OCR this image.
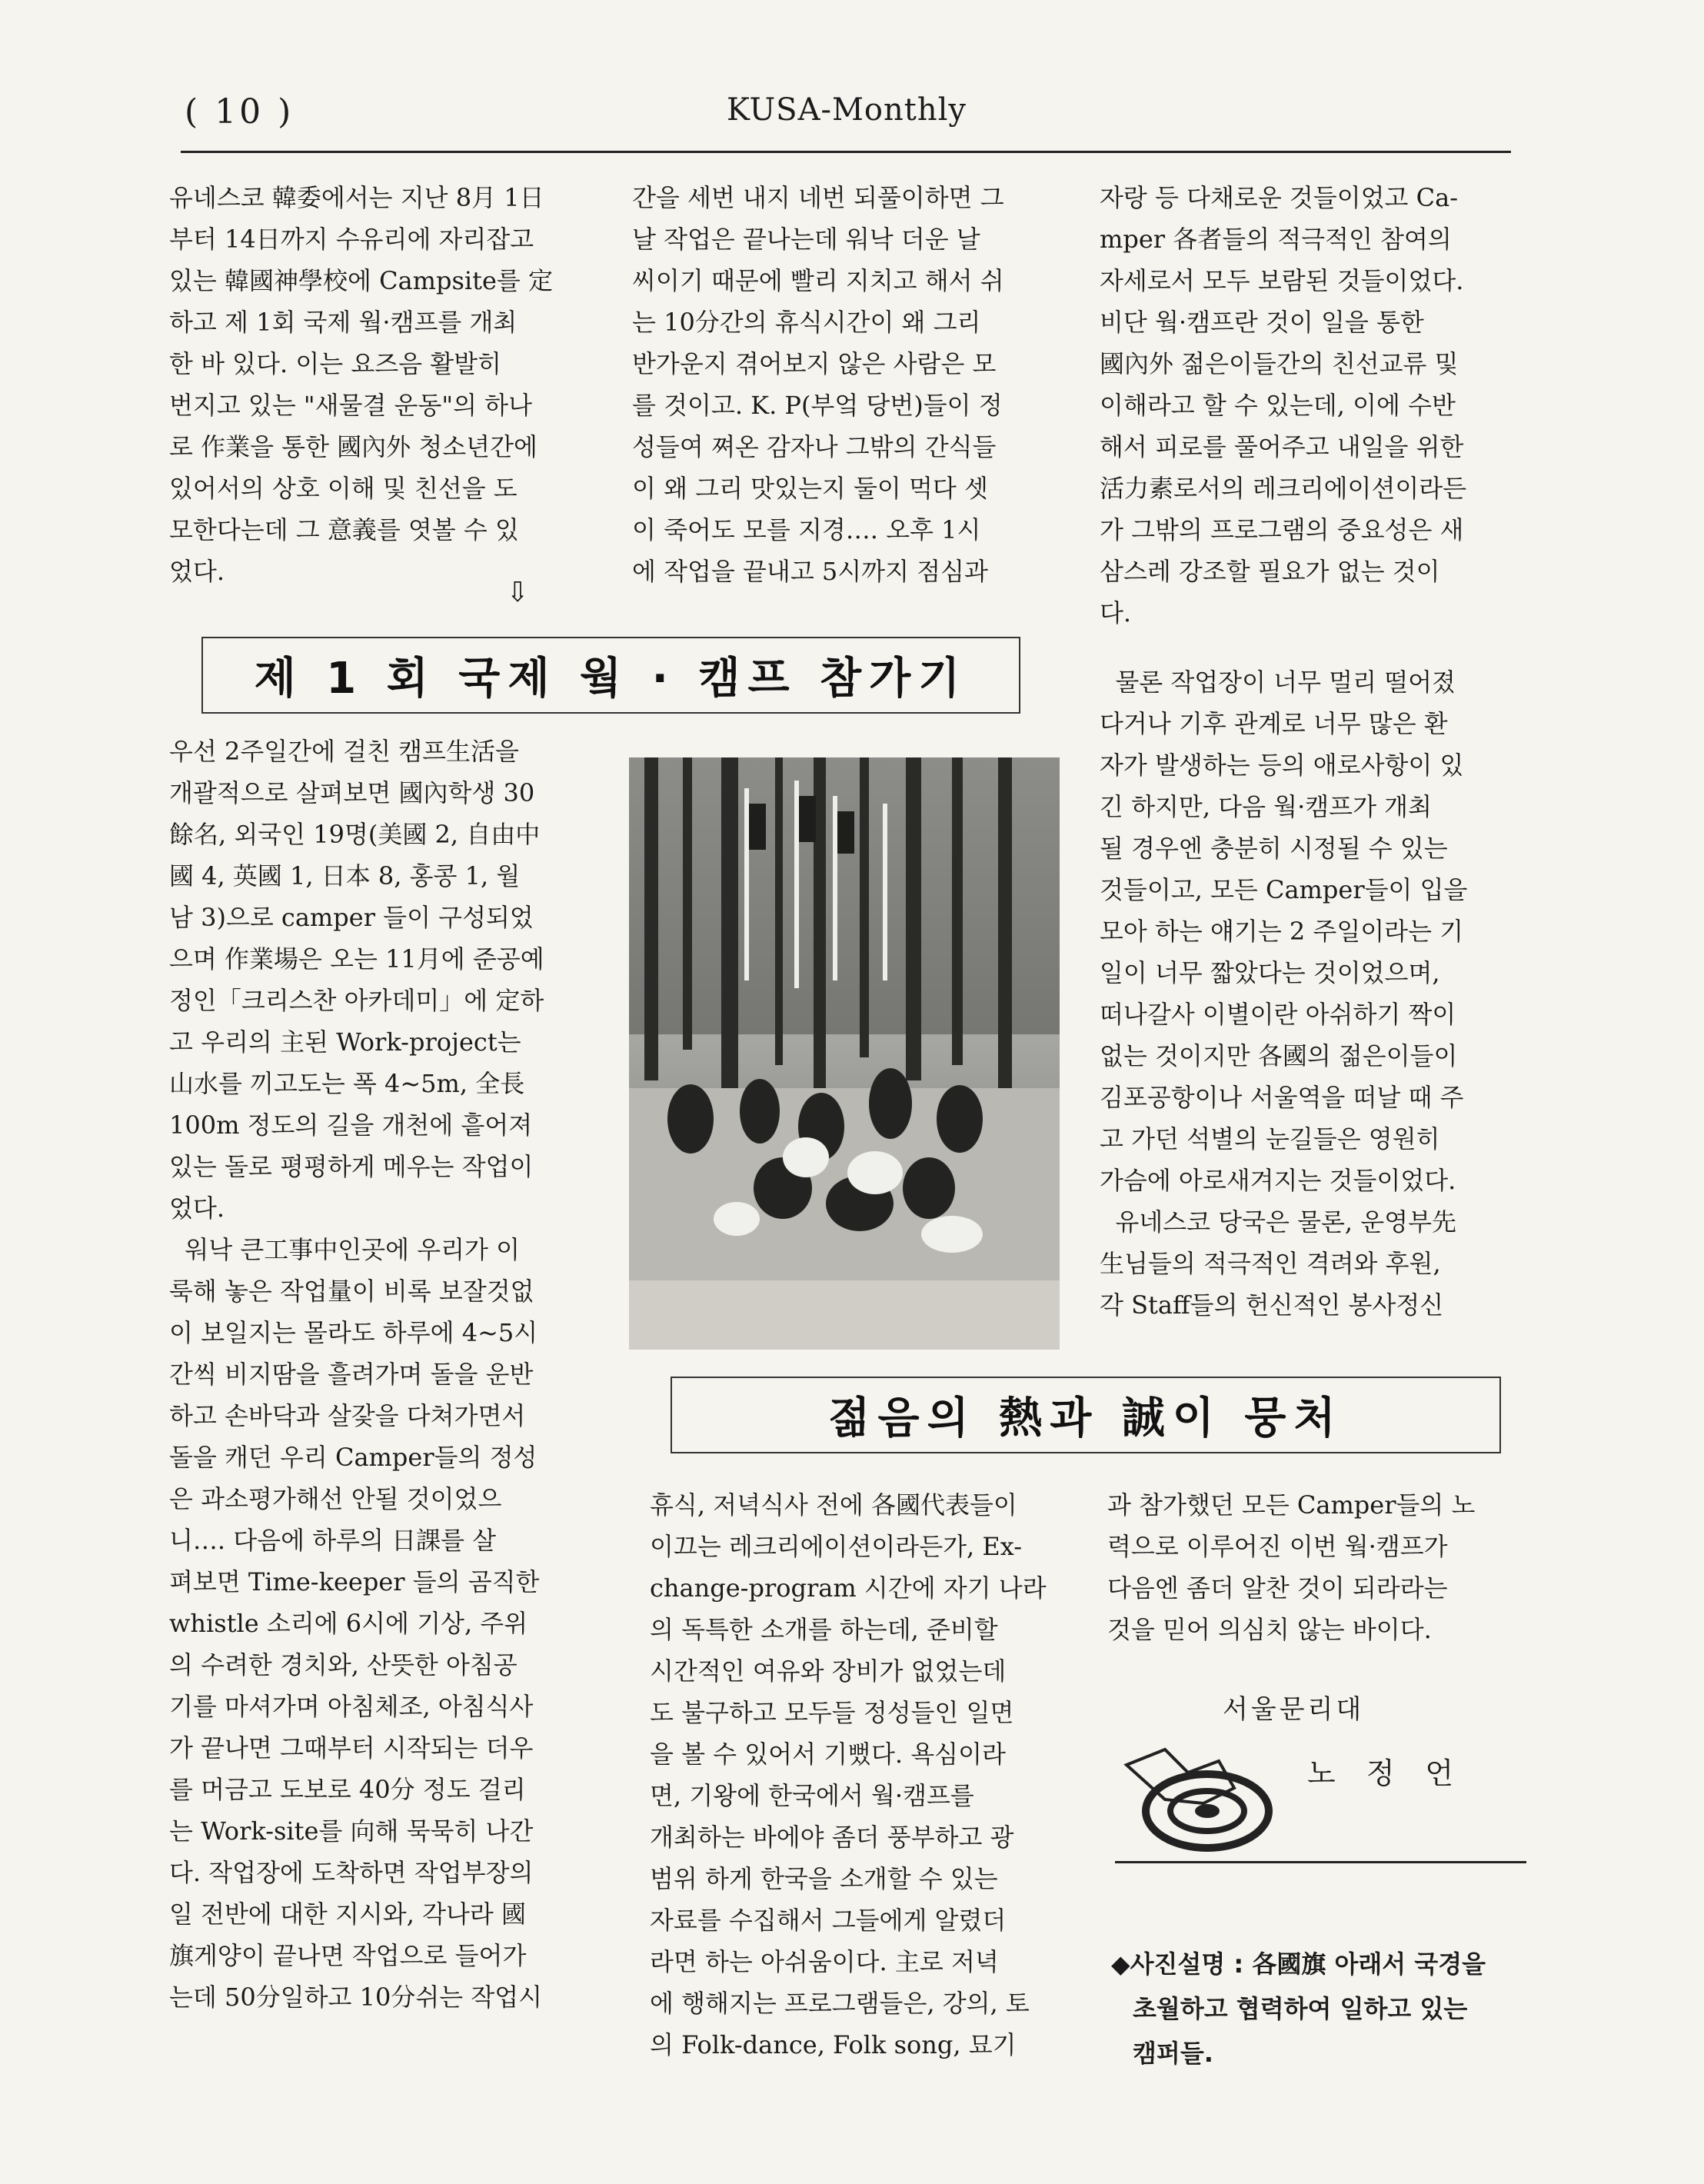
( 10 )	KUSA-Monthly
유네스코 韓委에서는 지난 8月 1日
부터 14日까지 수유리에 자리잡고
있는 韓國神學校에 Campsite를 定
하고 제 1회 국제 웤·캠프를 개최
한 바 있다. 이는 요즈음 활발히
번지고 있는 "새물결 운동"의 하나
로 作業을 통한 國內外 청소년간에
있어서의 상호 이해 및 친선을 도
모한다는데 그 意義를 엿볼 수 있
었다.
⇩
간을 세번 내지 네번 되풀이하면 그
날 작업은 끝나는데 워낙 더운 날
씨이기 때문에 빨리 지치고 해서 쉬
는 10分간의 휴식시간이 왜 그리
반가운지 겪어보지 않은 사람은 모
를 것이고. K. P(부엌 당번)들이 정
성들여 쪄온 감자나 그밖의 간식들
이 왜 그리 맛있는지 둘이 먹다 셋
이 죽어도 모를 지경…. 오후 1시
에 작업을 끝내고 5시까지 점심과
자랑 등 다채로운 것들이었고 Ca-
mper 各者들의 적극적인 참여의
자세로서 모두 보람된 것들이었다.
비단 웤·캠프란 것이 일을 통한
國內外 젊은이들간의 친선교류 및
이해라고 할 수 있는데, 이에 수반
해서 피로를 풀어주고 내일을 위한
活力素로서의 레크리에이션이라든
가 그밖의 프로그램의 중요성은 새
삼스레 강조할 필요가 없는 것이
다.
제 1 회 국제 웤 · 캠프 참가기
우선 2주일간에 걸친 캠프生活을
개괄적으로 살펴보면 國內학생 30
餘名, 외국인 19명(美國 2, 自由中
國 4, 英國 1, 日本 8, 홍콩 1, 월
남 3)으로 camper 들이 구성되었
으며 作業場은 오는 11月에 준공예
정인「크리스찬 아카데미」에 定하
고 우리의 主된 Work-project는
山水를 끼고도는 폭 4~5m, 全長
100m 정도의 길을 개천에 흩어져
있는 돌로 평평하게 메우는 작업이
었다.
워낙 큰工事中인곳에 우리가 이
룩해 놓은 작업量이 비록 보잘것없
이 보일지는 몰라도 하루에 4~5시
간씩 비지땀을 흘려가며 돌을 운반
하고 손바닥과 살갗을 다쳐가면서
돌을 캐던 우리 Camper들의 정성
은 과소평가해선 안될 것이었으
니…. 다음에 하루의 日課를 살
펴보면 Time-keeper 들의 곰직한
whistle 소리에 6시에 기상, 주위
의 수려한 경치와, 산뜻한 아침공
기를 마셔가며 아침체조, 아침식사
가 끝나면 그때부터 시작되는 더우
를 머금고 도보로 40分 정도 걸리
는 Work-site를 向해 묵묵히 나간
다. 작업장에 도착하면 작업부장의
일 전반에 대한 지시와, 각나라 國
旗게양이 끝나면 작업으로 들어가
는데 50分일하고 10分쉬는 작업시
물론 작업장이 너무 멀리 떨어졌
다거나 기후 관계로 너무 많은 환
자가 발생하는 등의 애로사항이 있
긴 하지만, 다음 웤·캠프가 개최
될 경우엔 충분히 시정될 수 있는
것들이고, 모든 Camper들이 입을
모아 하는 얘기는 2 주일이라는 기
일이 너무 짧았다는 것이었으며,
떠나갈사 이별이란 아쉬하기 짝이
없는 것이지만 各國의 젊은이들이
김포공항이나 서울역을 떠날 때 주
고 가던 석별의 눈길들은 영원히
가슴에 아로새겨지는 것들이었다.
유네스코 당국은 물론, 운영부先
生님들의 적극적인 격려와 후원,
각 Staff들의 헌신적인 봉사정신
젊음의 熱과 誠이 뭉처
휴식, 저녁식사 전에 各國代表들이
이끄는 레크리에이션이라든가, Ex-
change-program 시간에 자기 나라
의 독특한 소개를 하는데, 준비할
시간적인 여유와 장비가 없었는데
도 불구하고 모두들 정성들인 일면
을 볼 수 있어서 기뻤다. 욕심이라
면, 기왕에 한국에서 웤·캠프를
개최하는 바에야 좀더 풍부하고 광
범위 하게 한국을 소개할 수 있는
자료를 수집해서 그들에게 알렸더
라면 하는 아쉬움이다. 主로 저녁
에 행해지는 프로그램들은, 강의, 토
의 Folk-dance, Folk song, 묘기
과 참가했던 모든 Camper들의 노
력으로 이루어진 이번 웤·캠프가
다음엔 좀더 알찬 것이 되라라는
것을 믿어 의심치 않는 바이다.
서울문리대
노정언
◆사진설명 : 各國旗 아래서 국경을
초월하고 협력하여 일하고 있는
캠퍼들.
